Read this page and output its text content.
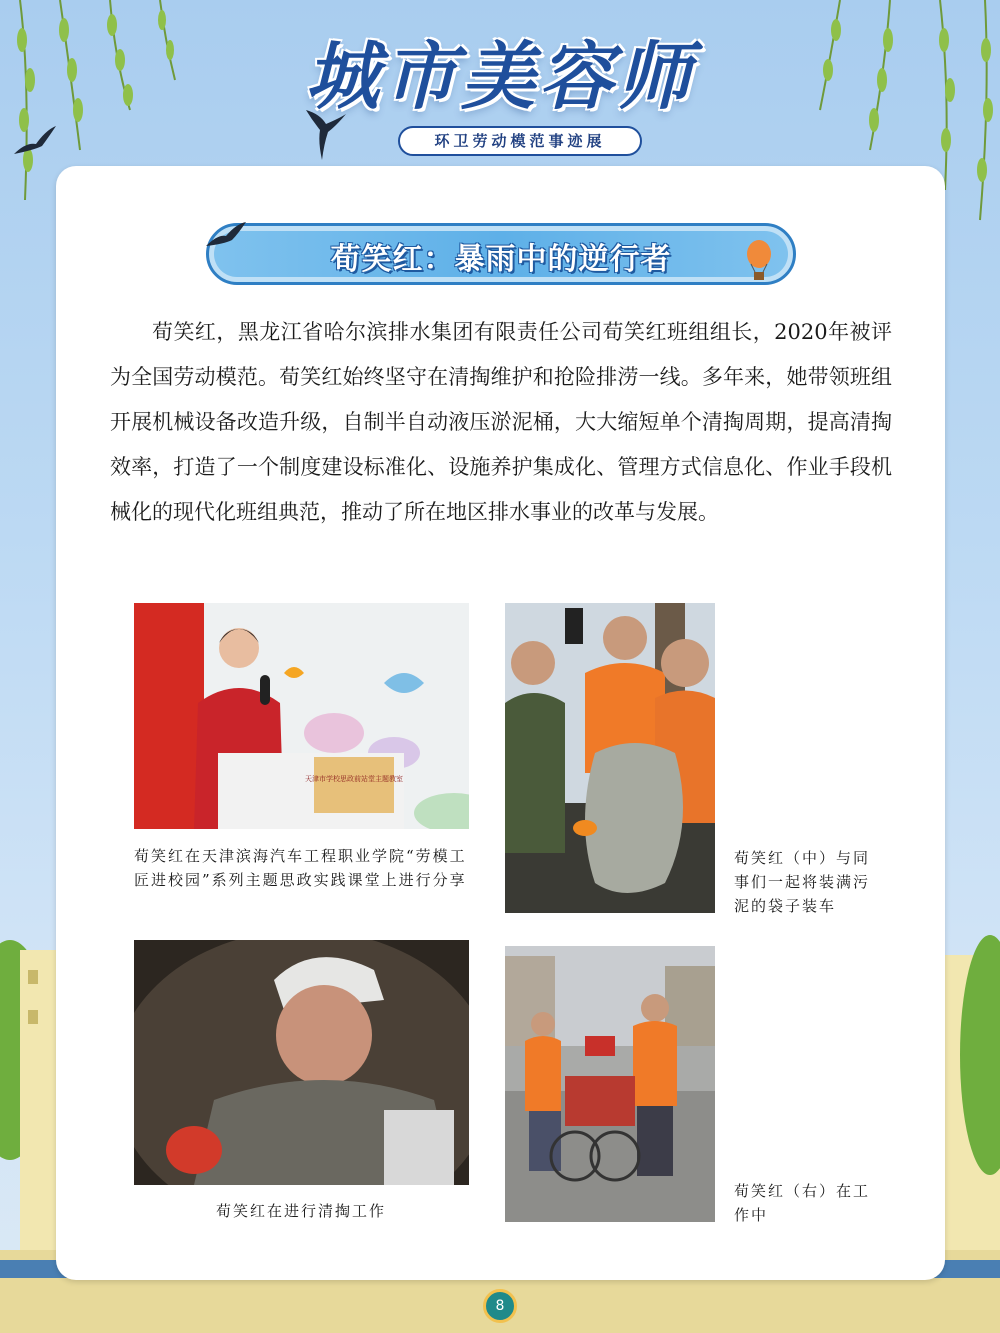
城市美容师
环卫劳动模范事迹展
荀笑红：暴雨中的逆行者

荀笑红，黑龙江省哈尔滨排水集团有限责任公司荀笑红班组组长，2020年被评为全国劳动模范。荀笑红始终坚守在清掏维护和抢险排涝一线。多年来，她带领班组开展机械设备改造升级，自制半自动液压淤泥桶，大大缩短单个清掏周期，提高清掏效率，打造了一个制度建设标准化、设施养护集成化、管理方式信息化、作业手段机械化的现代化班组典范，推动了所在地区排水事业的改革与发展。

天津市学校思政前站堂主题教室

荀笑红在天津滨海汽车工程职业学院“劳模工匠进校园”系列主题思政实践课堂上进行分享

荀笑红（中）与同事们一起将装满污泥的袋子装车

荀笑红在进行清掏工作

荀笑红（右）在工作中

8
